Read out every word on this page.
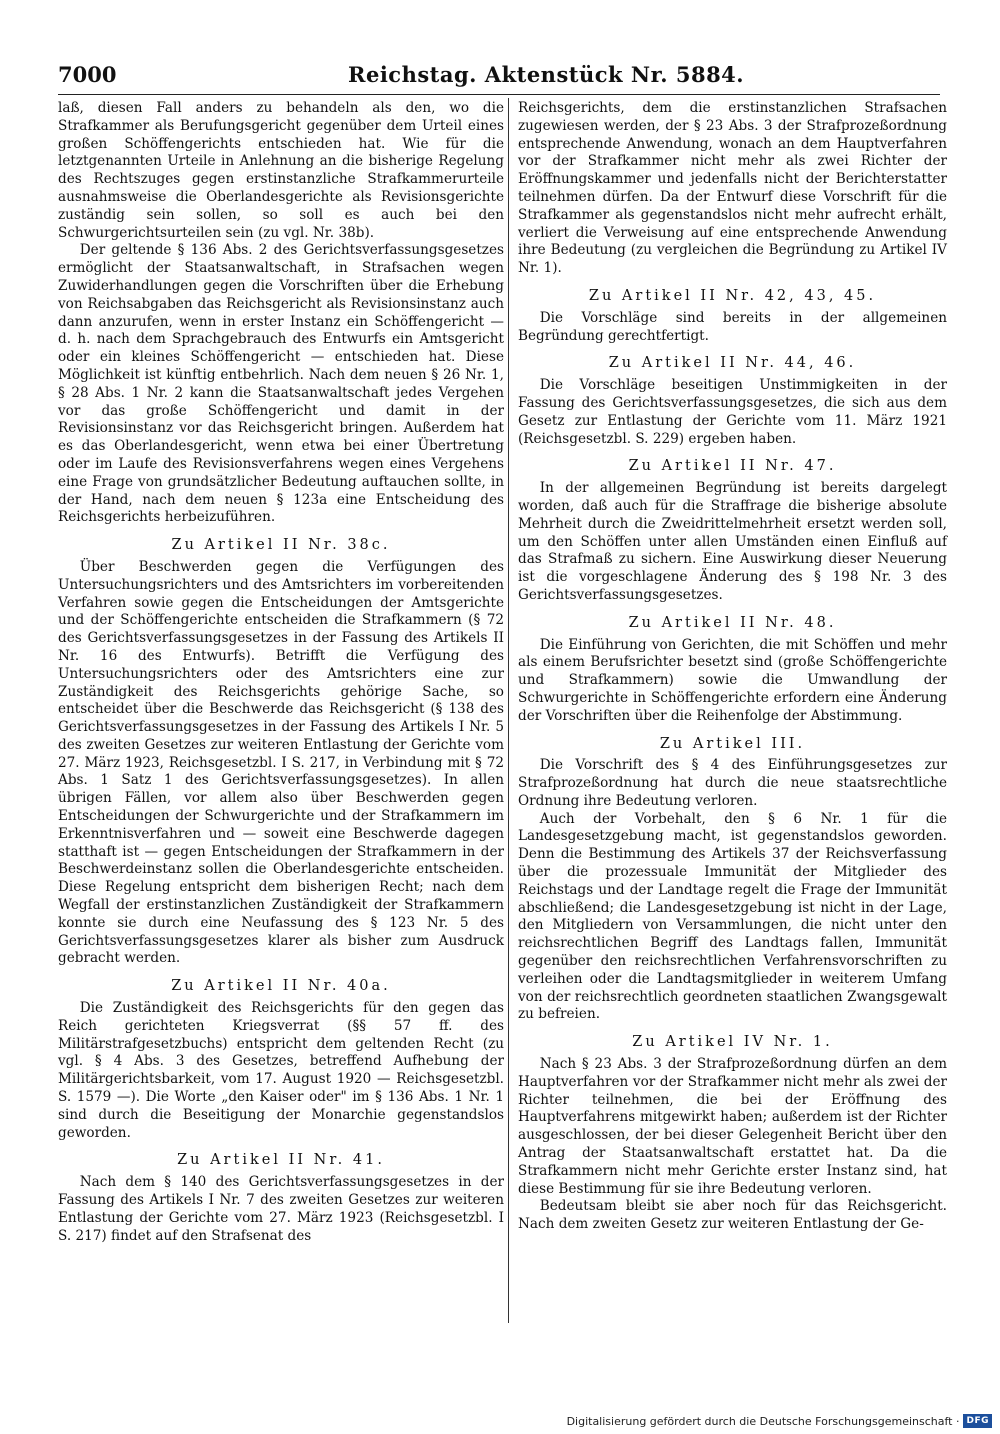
7000	Reichstag. Aktenstück Nr. 5884.

laß, diesen Fall anders zu behandeln als den, wo die Strafkammer als Berufungsgericht gegenüber dem Urteil eines großen Schöffengerichts entschieden hat. Wie für die letztgenannten Urteile in Anlehnung an die bisherige Regelung des Rechtszuges gegen erstinstanzliche Strafkammerurteile ausnahmsweise die Oberlandesgerichte als Revisionsgerichte zuständig sein sollen, so soll es auch bei den Schwurgerichtsurteilen sein (zu vgl. Nr. 38b).

Der geltende § 136 Abs. 2 des Gerichtsverfassungsgesetzes ermöglicht der Staatsanwaltschaft, in Strafsachen wegen Zuwiderhandlungen gegen die Vorschriften über die Erhebung von Reichsabgaben das Reichsgericht als Revisionsinstanz auch dann anzurufen, wenn in erster Instanz ein Schöffengericht — d. h. nach dem Sprachgebrauch des Entwurfs ein Amtsgericht oder ein kleines Schöffengericht — entschieden hat. Diese Möglichkeit ist künftig entbehrlich. Nach dem neuen § 26 Nr. 1, § 28 Abs. 1 Nr. 2 kann die Staatsanwaltschaft jedes Vergehen vor das große Schöffengericht und damit in der Revisionsinstanz vor das Reichsgericht bringen. Außerdem hat es das Oberlandesgericht, wenn etwa bei einer Übertretung oder im Laufe des Revisionsverfahrens wegen eines Vergehens eine Frage von grundsätzlicher Bedeutung auftauchen sollte, in der Hand, nach dem neuen § 123a eine Entscheidung des Reichsgerichts herbeizuführen.

Zu Artikel II Nr. 38c.

Über Beschwerden gegen die Verfügungen des Untersuchungsrichters und des Amtsrichters im vorbereitenden Verfahren sowie gegen die Entscheidungen der Amtsgerichte und der Schöffengerichte entscheiden die Strafkammern (§ 72 des Gerichtsverfassungsgesetzes in der Fassung des Artikels II Nr. 16 des Entwurfs). Betrifft die Verfügung des Untersuchungsrichters oder des Amtsrichters eine zur Zuständigkeit des Reichsgerichts gehörige Sache, so entscheidet über die Beschwerde das Reichsgericht (§ 138 des Gerichtsverfassungsgesetzes in der Fassung des Artikels I Nr. 5 des zweiten Gesetzes zur weiteren Entlastung der Gerichte vom 27. März 1923, Reichsgesetzbl. I S. 217, in Verbindung mit § 72 Abs. 1 Satz 1 des Gerichtsverfassungsgesetzes). In allen übrigen Fällen, vor allem also über Beschwerden gegen Entscheidungen der Schwurgerichte und der Strafkammern im Erkenntnisverfahren und — soweit eine Beschwerde dagegen statthaft ist — gegen Entscheidungen der Strafkammern in der Beschwerdeinstanz sollen die Oberlandesgerichte entscheiden. Diese Regelung entspricht dem bisherigen Recht; nach dem Wegfall der erstinstanzlichen Zuständigkeit der Strafkammern konnte sie durch eine Neufassung des § 123 Nr. 5 des Gerichtsverfassungsgesetzes klarer als bisher zum Ausdruck gebracht werden.

Zu Artikel II Nr. 40a.

Die Zuständigkeit des Reichsgerichts für den gegen das Reich gerichteten Kriegsverrat (§§ 57 ff. des Militärstrafgesetzbuchs) entspricht dem geltenden Recht (zu vgl. § 4 Abs. 3 des Gesetzes, betreffend Aufhebung der Militärgerichtsbarkeit, vom 17. August 1920 — Reichsgesetzbl. S. 1579 —). Die Worte „den Kaiser oder" im § 136 Abs. 1 Nr. 1 sind durch die Beseitigung der Monarchie gegenstandslos geworden.

Zu Artikel II Nr. 41.

Nach dem § 140 des Gerichtsverfassungsgesetzes in der Fassung des Artikels I Nr. 7 des zweiten Gesetzes zur weiteren Entlastung der Gerichte vom 27. März 1923 (Reichsgesetzbl. I S. 217) findet auf den Strafsenat des

Reichsgerichts, dem die erstinstanzlichen Strafsachen zugewiesen werden, der § 23 Abs. 3 der Strafprozeßordnung entsprechende Anwendung, wonach an dem Hauptverfahren vor der Strafkammer nicht mehr als zwei Richter der Eröffnungskammer und jedenfalls nicht der Berichterstatter teilnehmen dürfen. Da der Entwurf diese Vorschrift für die Strafkammer als gegenstandslos nicht mehr aufrecht erhält, verliert die Verweisung auf eine entsprechende Anwendung ihre Bedeutung (zu vergleichen die Begründung zu Artikel IV Nr. 1).

Zu Artikel II Nr. 42, 43, 45.

Die Vorschläge sind bereits in der allgemeinen Begründung gerechtfertigt.

Zu Artikel II Nr. 44, 46.

Die Vorschläge beseitigen Unstimmigkeiten in der Fassung des Gerichtsverfassungsgesetzes, die sich aus dem Gesetz zur Entlastung der Gerichte vom 11. März 1921 (Reichsgesetzbl. S. 229) ergeben haben.

Zu Artikel II Nr. 47.

In der allgemeinen Begründung ist bereits dargelegt worden, daß auch für die Straffrage die bisherige absolute Mehrheit durch die Zweidrittelmehrheit ersetzt werden soll, um den Schöffen unter allen Umständen einen Einfluß auf das Strafmaß zu sichern. Eine Auswirkung dieser Neuerung ist die vorgeschlagene Änderung des § 198 Nr. 3 des Gerichtsverfassungsgesetzes.

Zu Artikel II Nr. 48.

Die Einführung von Gerichten, die mit Schöffen und mehr als einem Berufsrichter besetzt sind (große Schöffengerichte und Strafkammern) sowie die Umwandlung der Schwurgerichte in Schöffengerichte erfordern eine Änderung der Vorschriften über die Reihenfolge der Abstimmung.

Zu Artikel III.

Die Vorschrift des § 4 des Einführungsgesetzes zur Strafprozeßordnung hat durch die neue staatsrechtliche Ordnung ihre Bedeutung verloren.

Auch der Vorbehalt, den § 6 Nr. 1 für die Landesgesetzgebung macht, ist gegenstandslos geworden. Denn die Bestimmung des Artikels 37 der Reichsverfassung über die prozessuale Immunität der Mitglieder des Reichstags und der Landtage regelt die Frage der Immunität abschließend; die Landesgesetzgebung ist nicht in der Lage, den Mitgliedern von Versammlungen, die nicht unter den reichsrechtlichen Begriff des Landtags fallen, Immunität gegenüber den reichsrechtlichen Verfahrensvorschriften zu verleihen oder die Landtagsmitglieder in weiterem Umfang von der reichsrechtlich geordneten staatlichen Zwangsgewalt zu befreien.

Zu Artikel IV Nr. 1.

Nach § 23 Abs. 3 der Strafprozeßordnung dürfen an dem Hauptverfahren vor der Strafkammer nicht mehr als zwei der Richter teilnehmen, die bei der Eröffnung des Hauptverfahrens mitgewirkt haben; außerdem ist der Richter ausgeschlossen, der bei dieser Gelegenheit Bericht über den Antrag der Staatsanwaltschaft erstattet hat. Da die Strafkammern nicht mehr Gerichte erster Instanz sind, hat diese Bestimmung für sie ihre Bedeutung verloren.

Bedeutsam bleibt sie aber noch für das Reichsgericht. Nach dem zweiten Gesetz zur weiteren Entlastung der Ge-

Digitalisierung gefördert durch die Deutsche Forschungsgemeinschaft · DFG
